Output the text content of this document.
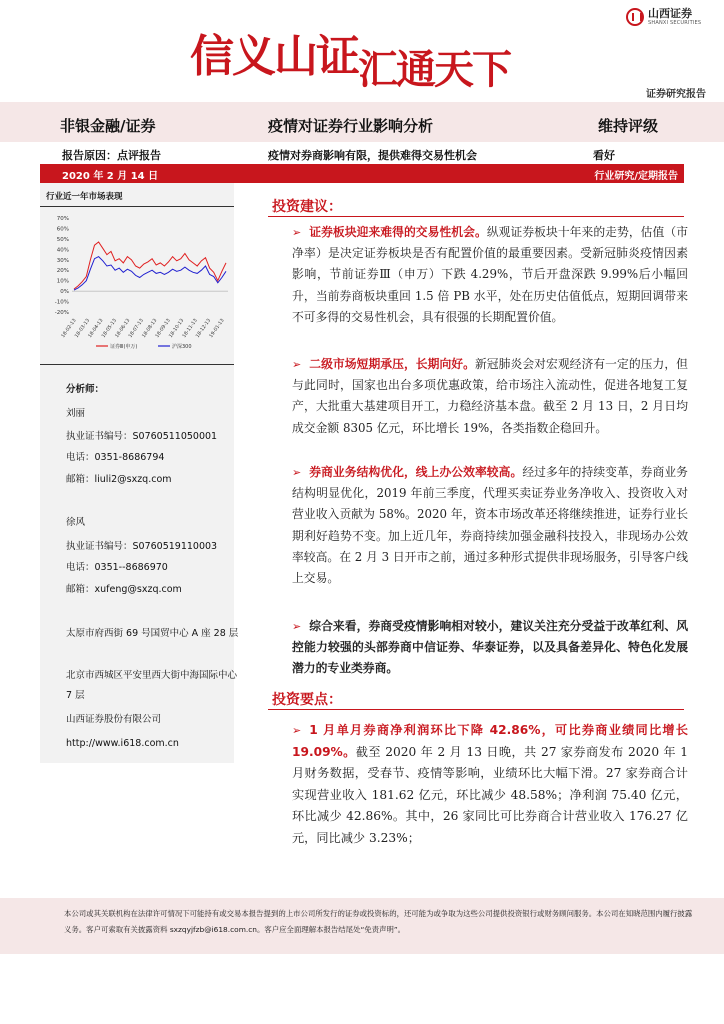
山西证券
SHANXI SECURITIES
信义山证汇通天下
证券研究报告
非银金融/证券	疫情对证券行业影响分析	维持评级
报告原因：点评报告	疫情对券商影响有限，提供难得交易性机会	看好
2020 年 2 月 14 日	行业研究/定期报告
行业近一年市场表现
70%
60%
50%
40%
30%
20%
10%
0%
-10%
-20%
18-02-13
18-03-13
18-04-13
18-05-13
18-06-13
18-07-13
18-08-13
18-09-13
18-10-13
18-11-13
18-12-13
19-01-13
证券Ⅲ(申万)	沪深300
分析师：
刘丽
执业证书编号：S0760511050001
电话：0351-8686794
邮箱：liuli2@sxzq.com
徐风
执业证书编号：S0760519110003
电话：0351--8686970
邮箱：xufeng@sxzq.com
太原市府西街 69 号国贸中心 A 座 28 层
北京市西城区平安里西大街中海国际中心 7 层
山西证券股份有限公司
http://www.i618.com.cn
投资建议：
➢ 证券板块迎来难得的交易性机会。纵观证券板块十年来的走势，估值（市净率）是决定证券板块是否有配置价值的最重要因素。受新冠肺炎疫情因素影响，节前证券Ⅲ（申万）下跌 4.29%，节后开盘深跌 9.99%后小幅回升，当前券商板块重回 1.5 倍 PB 水平，处在历史估值低点，短期回调带来不可多得的交易性机会，具有很强的长期配置价值。
➢ 二级市场短期承压，长期向好。新冠肺炎会对宏观经济有一定的压力，但与此同时，国家也出台多项优惠政策，给市场注入流动性，促进各地复工复产，大批重大基建项目开工，力稳经济基本盘。截至 2 月 13 日，2 月日均成交金额 8305 亿元，环比增长 19%，各类指数企稳回升。
➢ 券商业务结构优化，线上办公效率较高。经过多年的持续变革，券商业务结构明显优化，2019 年前三季度，代理买卖证券业务净收入、投资收入对营业收入贡献为 58%。2020 年，资本市场改革还将继续推进，证券行业长期利好趋势不变。加上近几年，券商持续加强金融科技投入，非现场办公效率较高。在 2 月 3 日开市之前，通过多种形式提供非现场服务，引导客户线上交易。
➢ 综合来看，券商受疫情影响相对较小，建议关注充分受益于改革红利、风控能力较强的头部券商中信证券、华泰证券，以及具备差异化、特色化发展潜力的专业类券商。
投资要点：
➢ 1 月单月券商净利润环比下降 42.86%，可比券商业绩同比增长 19.09%。截至 2020 年 2 月 13 日晚，共 27 家券商发布 2020 年 1 月财务数据，受春节、疫情等影响，业绩环比大幅下滑。27 家券商合计实现营业收入 181.62 亿元，环比减少 48.58%；净利润 75.40 亿元，环比减少 42.86%。其中，26 家同比可比券商合计营业收入 176.27 亿元，同比减少 3.23%；
本公司或其关联机构在法律许可情况下可能持有或交易本报告提到的上市公司所发行的证券或投资标的，还可能为或争取为这些公司提供投资银行或财务顾问服务。本公司在知晓范围内履行披露义务。客户可索取有关披露资料 sxzqyjfzb@i618.com.cn。客户应全面理解本报告结尾处“免责声明”。
